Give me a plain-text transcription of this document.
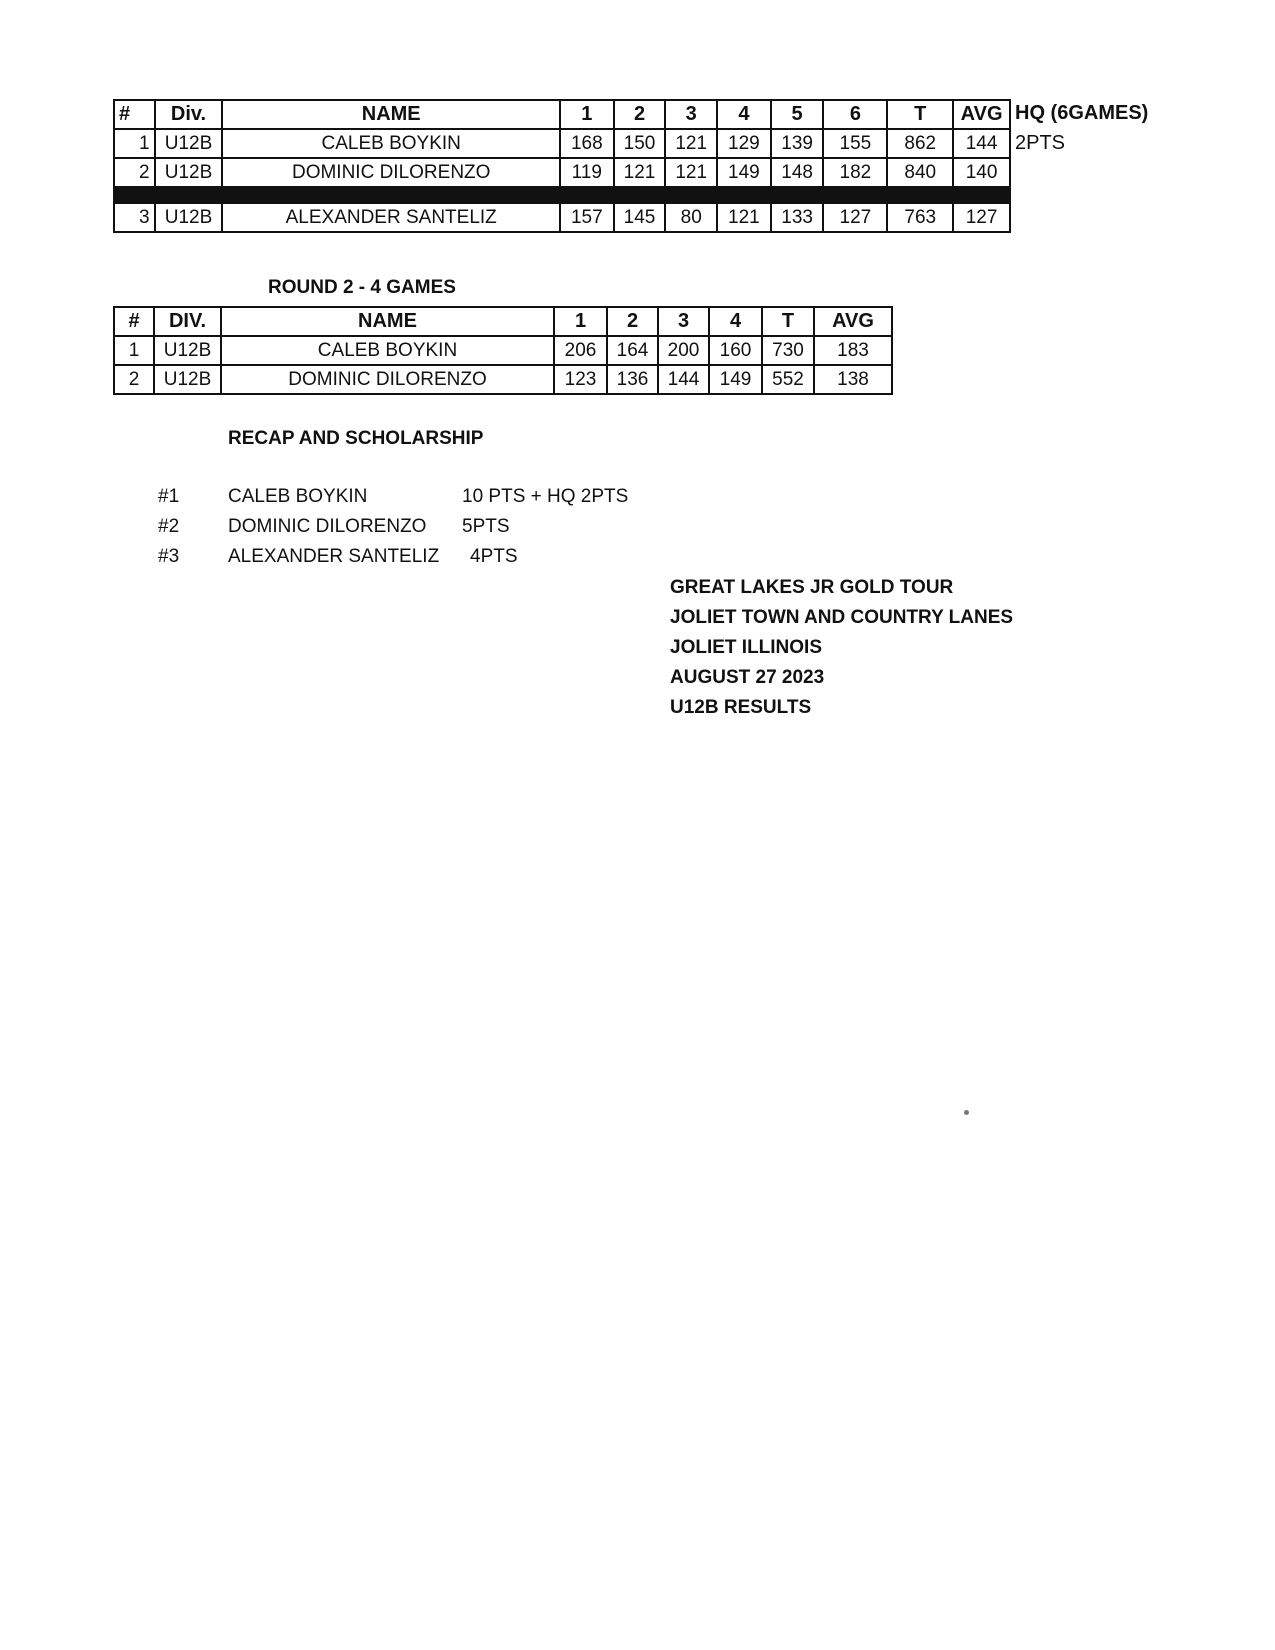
#	Div.	NAME	1	2	3	4	5	6	T	AVG
1	U12B	CALEB BOYKIN	168	150	121	129	139	155	862	144
2	U12B	DOMINIC DILORENZO	119	121	121	149	148	182	840	140

3	U12B	ALEXANDER SANTELIZ	157	145	80	121	133	127	763	127
HQ (6GAMES)
2PTS
ROUND 2 - 4 GAMES
#	DIV.	NAME	1	2	3	4	T	AVG
1	U12B	CALEB BOYKIN	206	164	200	160	730	183
2	U12B	DOMINIC DILORENZO	123	136	144	149	552	138
RECAP AND SCHOLARSHIP
#1	CALEB BOYKIN	10 PTS + HQ 2PTS
#2	DOMINIC DILORENZO 5PTS
#3	ALEXANDER SANTELIZ 4PTS
GREAT LAKES JR GOLD TOUR
JOLIET TOWN AND COUNTRY LANES
JOLIET ILLINOIS
AUGUST 27 2023
U12B RESULTS
